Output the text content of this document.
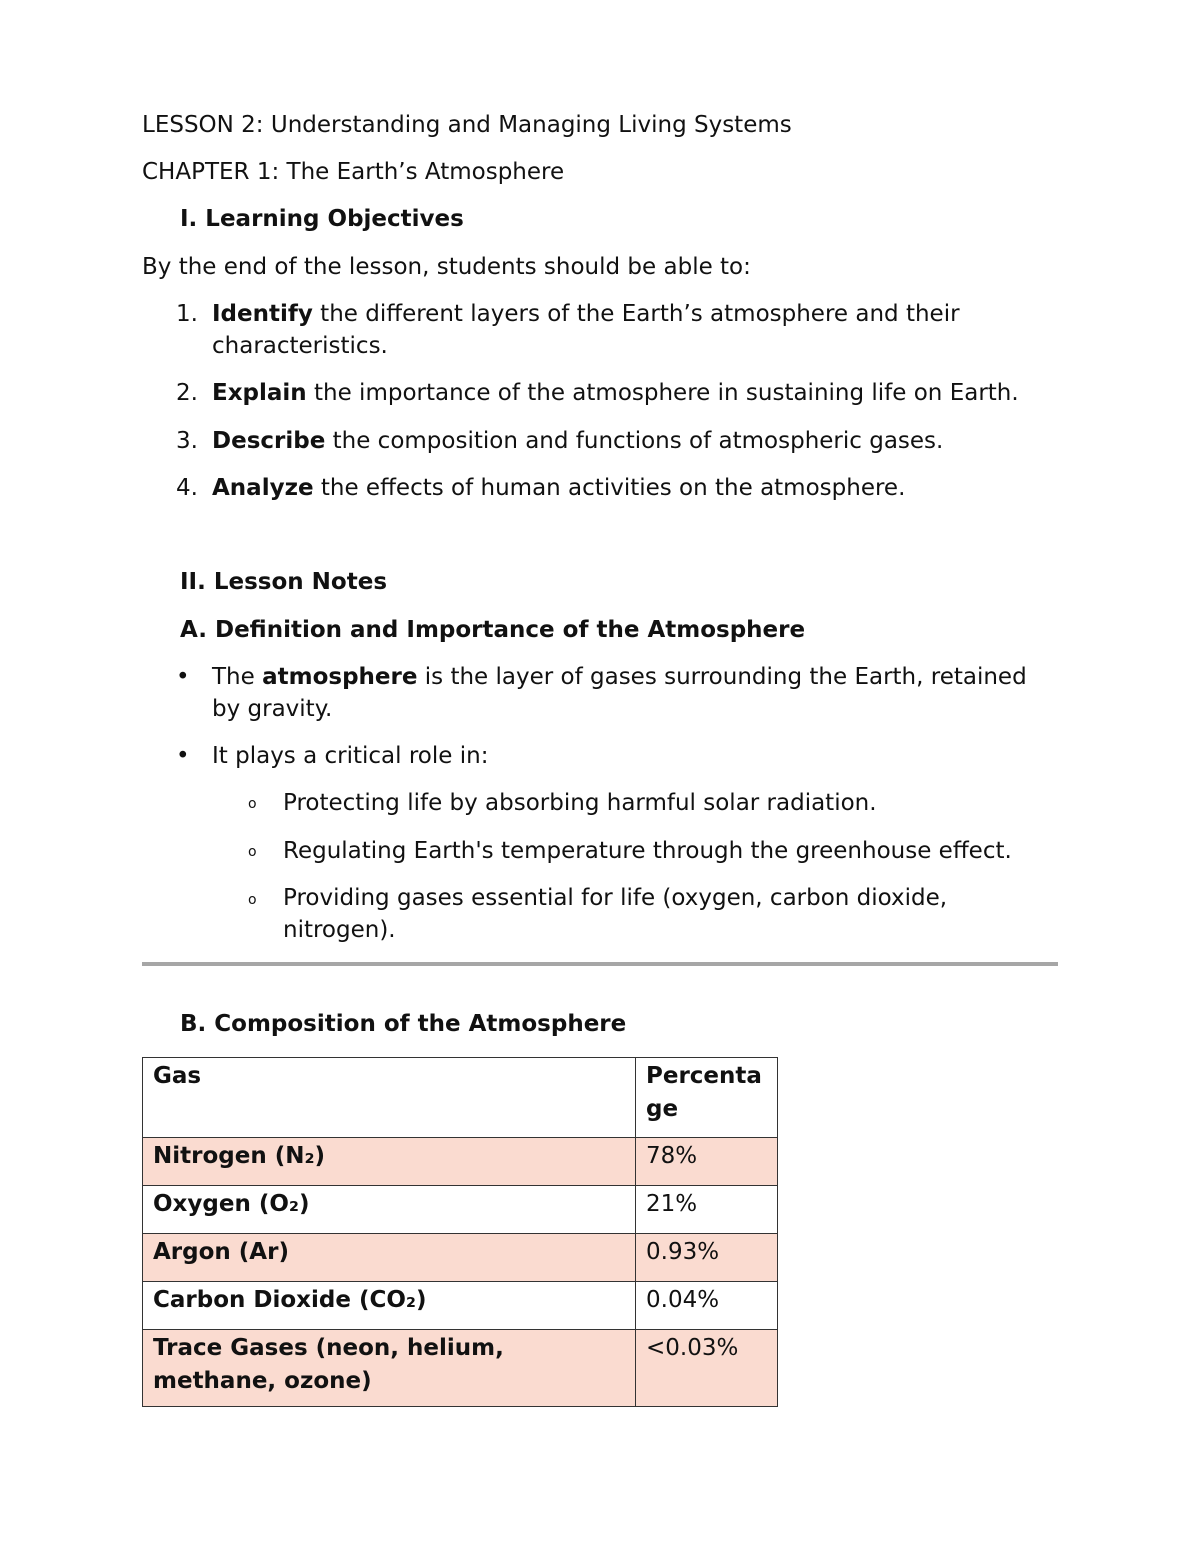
LESSON 2: Understanding and Managing Living Systems
CHAPTER 1: The Earth’s Atmosphere
I. Learning Objectives
By the end of the lesson, students should be able to:
1. Identify the different layers of the Earth’s atmosphere and their
characteristics.
2. Explain the importance of the atmosphere in sustaining life on Earth.
3. Describe the composition and functions of atmospheric gases.
4. Analyze the effects of human activities on the atmosphere.
II. Lesson Notes
A. Definition and Importance of the Atmosphere
• The atmosphere is the layer of gases surrounding the Earth, retained
by gravity.
• It plays a critical role in:
o Protecting life by absorbing harmful solar radiation.
o Regulating Earth's temperature through the greenhouse effect.
o Providing gases essential for life (oxygen, carbon dioxide,
nitrogen).
B. Composition of the Atmosphere
Gas	Percenta
ge
Nitrogen (N₂)	78%
Oxygen (O₂)	21%
Argon (Ar)	0.93%
Carbon Dioxide (CO₂)	0.04%
Trace Gases (neon, helium,
methane, ozone)	<0.03%
